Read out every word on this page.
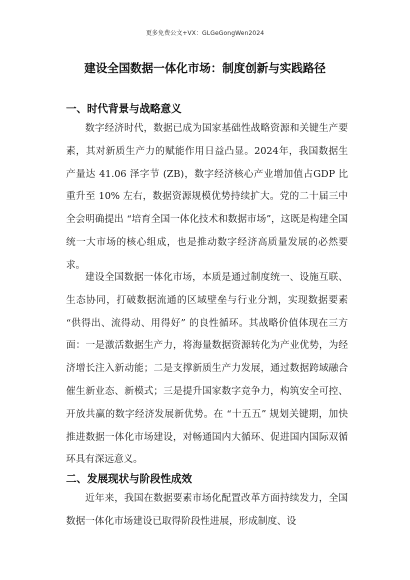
更多免费公文+VX：GLGeGongWen2024
建设全国数据一体化市场：制度创新与实践路径
一、时代背景与战略意义

数字经济时代，数据已成为国家基础性战略资源和关键生产要素，其对新质生产力的赋能作用日益凸显。2024年，我国数据生产量达 41.06 泽字节 (ZB)，数字经济核心产业增加值占GDP 比重升至 10% 左右，数据资源规模优势持续扩大。党的二十届三中全会明确提出 “培育全国一体化技术和数据市场”，这既是构建全国统一大市场的核心组成，也是推动数字经济高质量发展的必然要求。

建设全国数据一体化市场，本质是通过制度统一、设施互联、生态协同，打破数据流通的区域壁垒与行业分割，实现数据要素 “供得出、流得动、用得好” 的良性循环。其战略价值体现在三方面：一是激活数据生产力，将海量数据资源转化为产业优势，为经济增长注入新动能；二是支撑新质生产力发展，通过数据跨域融合催生新业态、新模式；三是提升国家数字竞争力，构筑安全可控、开放共赢的数字经济发展新优势。在 “十五五” 规划关键期，加快推进数据一体化市场建设，对畅通国内大循环、促进国内国际双循环具有深远意义。

二、发展现状与阶段性成效

近年来，我国在数据要素市场化配置改革方面持续发力，全国数据一体化市场建设已取得阶段性进展，形成制度、设
